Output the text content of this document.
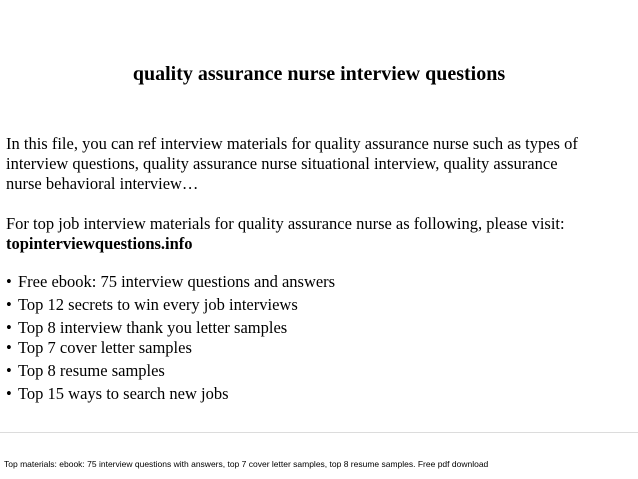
quality assurance nurse interview questions
In this file, you can ref interview materials for quality assurance nurse such as types of
interview questions, quality assurance nurse situational interview, quality assurance
nurse behavioral interview…
For top job interview materials for quality assurance nurse as following, please visit:
topinterviewquestions.info
• Free ebook: 75 interview questions and answers
• Top 12 secrets to win every job interviews
• Top 8 interview thank you letter samples
• Top 7 cover letter samples
• Top 8 resume samples
• Top 15 ways to search new jobs
Top materials: ebook: 75 interview questions with answers, top 7 cover letter samples, top 8 resume samples. Free pdf download
